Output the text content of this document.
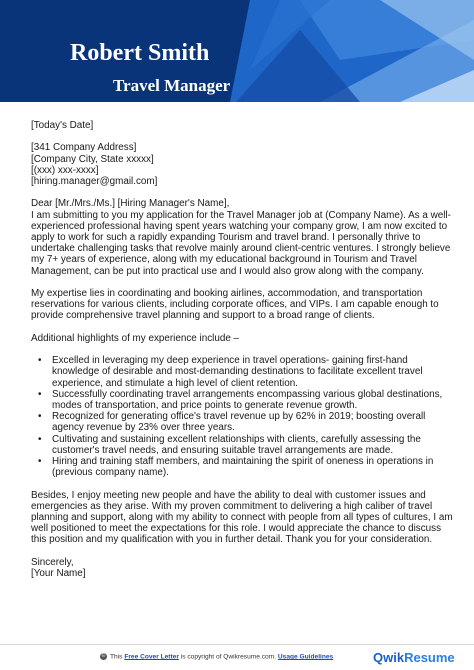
Robert Smith
Travel Manager
[Today's Date]
[341 Company Address]
[Company City, State xxxxx]
[(xxx) xxx-xxxx]
[hiring.manager@gmail.com]
Dear [Mr./Mrs./Ms.] [Hiring Manager's Name],
I am submitting to you my application for the Travel Manager job at (Company Name). As a well-
experienced professional having spent years watching your company grow, I am now excited to
apply to work for such a rapidly expanding Tourism and travel brand. I personally thrive to
undertake challenging tasks that revolve mainly around client-centric ventures. I strongly believe
my 7+ years of experience, along with my educational background in Tourism and Travel
Management, can be put into practical use and I would also grow along with the company.
My expertise lies in coordinating and booking airlines, accommodation, and transportation
reservations for various clients, including corporate offices, and VIPs. I am capable enough to
provide comprehensive travel planning and support to a broad range of clients.
Additional highlights of my experience include –
• Excelled in leveraging my deep experience in travel operations- gaining first-hand
knowledge of desirable and most-demanding destinations to facilitate excellent travel
experience, and stimulate a high level of client retention.
• Successfully coordinating travel arrangements encompassing various global destinations,
modes of transportation, and price points to generate revenue growth.
• Recognized for generating office's travel revenue up by 62% in 2019; boosting overall
agency revenue by 23% over three years.
• Cultivating and sustaining excellent relationships with clients, carefully assessing the
customer's travel needs, and ensuring suitable travel arrangements are made.
• Hiring and training staff members, and maintaining the spirit of oneness in operations in
(previous company name).
Besides, I enjoy meeting new people and have the ability to deal with customer issues and
emergencies as they arise. With my proven commitment to delivering a high caliber of travel
planning and support, along with my ability to connect with people from all types of cultures, I am
well positioned to meet the expectations for this role. I would appreciate the chance to discuss
this position and my qualification with you in further detail. Thank you for your consideration.
Sincerely,
[Your Name]
© This Free Cover Letter is copyright of Qwikresume.com. Usage Guidelines	QwikResume
